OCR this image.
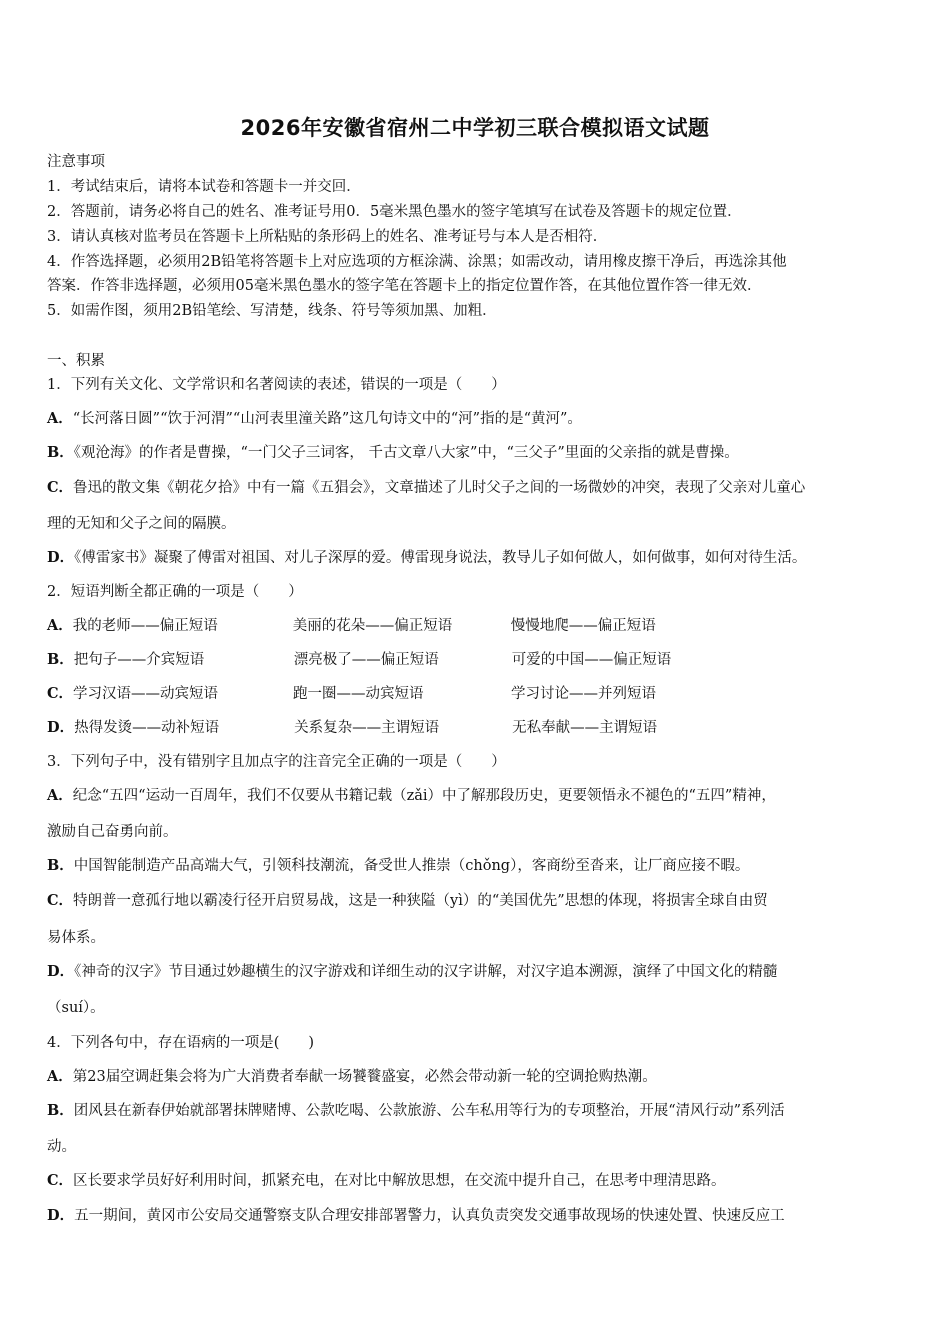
2026年安徽省宿州二中学初三联合模拟语文试题
注意事项
1．考试结束后，请将本试卷和答题卡一并交回．
2．答题前，请务必将自己的姓名、准考证号用0．5毫米黑色墨水的签字笔填写在试卷及答题卡的规定位置．
3．请认真核对监考员在答题卡上所粘贴的条形码上的姓名、准考证号与本人是否相符．
4．作答选择题，必须用2B铅笔将答题卡上对应选项的方框涂满、涂黑；如需改动，请用橡皮擦干净后，再选涂其他
答案．作答非选择题，必须用05毫米黑色墨水的签字笔在答题卡上的指定位置作答，在其他位置作答一律无效．
5．如需作图，须用2B铅笔绘、写清楚，线条、符号等须加黑、加粗．
一、积累
1．下列有关文化、文学常识和名著阅读的表述，错误的一项是（　　）
A．“长河落日圆”“饮于河渭”“山河表里潼关路”这几句诗文中的“河”指的是“黄河”。
B．《观沧海》的作者是曹操，“一门父子三词客， 千古文章八大家”中，“三父子”里面的父亲指的就是曹操。
C．鲁迅的散文集《朝花夕拾》中有一篇《五猖会》，文章描述了儿时父子之间的一场微妙的冲突，表现了父亲对儿童心
理的无知和父子之间的隔膜。
D．《傅雷家书》凝聚了傅雷对祖国、对儿子深厚的爱。傅雷现身说法，教导儿子如何做人，如何做事，如何对待生活。
2．短语判断全都正确的一项是（　　）
A．我的老师——偏正短语	美丽的花朵——偏正短语	慢慢地爬——偏正短语
B．把句子——介宾短语	漂亮极了——偏正短语	可爱的中国——偏正短语
C．学习汉语——动宾短语	跑一圈——动宾短语	学习讨论——并列短语
D．热得发烫——动补短语	关系复杂——主谓短语	无私奉献——主谓短语
3．下列句子中，没有错别字且加点字的注音完全正确的一项是（　　）
A．纪念“五四“运动一百周年，我们不仅要从书籍记载（zǎi）中了解那段历史，更要领悟永不褪色的“五四”精神，
激励自己奋勇向前。
B．中国智能制造产品高端大气，引领科技潮流，备受世人推崇（chǒng），客商纷至沓来，让厂商应接不暇。
C．特朗普一意孤行地以霸凌行径开启贸易战，这是一种狭隘（yì）的“美国优先”思想的体现，将损害全球自由贸
易体系。
D．《神奇的汉字》节目通过妙趣横生的汉字游戏和详细生动的汉字讲解，对汉字追本溯源，演绎了中国文化的精髓
（suí）。
4．下列各句中，存在语病的一项是(　　)
A．第23届空调赶集会将为广大消费者奉献一场饕餮盛宴，必然会带动新一轮的空调抢购热潮。
B．团风县在新春伊始就部署抹牌赌博、公款吃喝、公款旅游、公车私用等行为的专项整治，开展“清风行动”系列活
动。
C．区长要求学员好好利用时间，抓紧充电，在对比中解放思想，在交流中提升自己，在思考中理清思路。
D．五一期间，黄冈市公安局交通警察支队合理安排部署警力，认真负责突发交通事故现场的快速处置、快速反应工
